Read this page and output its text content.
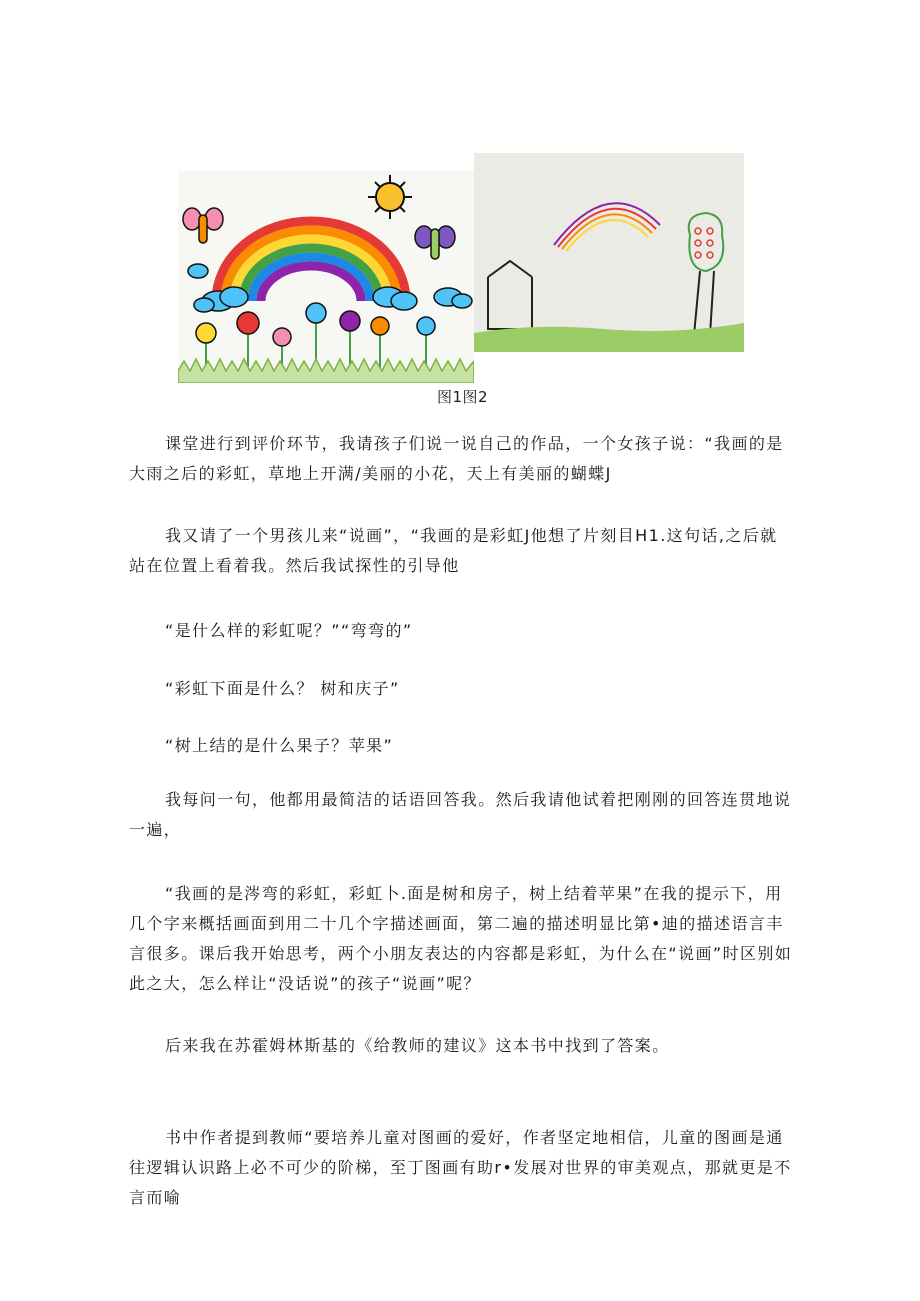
图1图2

课堂进行到评价环节，我请孩子们说一说自己的作品，一个女孩子说：“我画的是大雨之后的彩虹，草地上开满/美丽的小花，天上有美丽的蝴蝶J

我又请了一个男孩儿来“说画”，“我画的是彩虹J他想了片刻目H1.这句话,之后就站在位置上看着我。然后我试探性的引导他

“是什么样的彩虹呢？”“弯弯的”

“彩虹下面是什么？ 树和庆子”

“树上结的是什么果子？苹果”

我每问一句，他都用最简洁的话语回答我。然后我请他试着把刚刚的回答连贯地说一遍，

“我画的是涔弯的彩虹，彩虹卜.面是树和房子，树上结着苹果”在我的提示下，用几个字来概括画面到用二十几个字描述画面，第二遍的描述明显比第•迪的描述语言丰言很多。课后我开始思考，两个小朋友表达的内容都是彩虹，为什么在“说画”时区别如此之大，怎么样让“没话说”的孩子“说画”呢？

后来我在苏霍姆林斯基的《给教师的建议》这本书中找到了答案。

书中作者提到教师“要培养儿童对图画的爱好，作者坚定地相信，儿童的图画是通往逻辑认识路上必不可少的阶梯，至丁图画有助r•发展对世界的审美观点，那就更是不言而喻
